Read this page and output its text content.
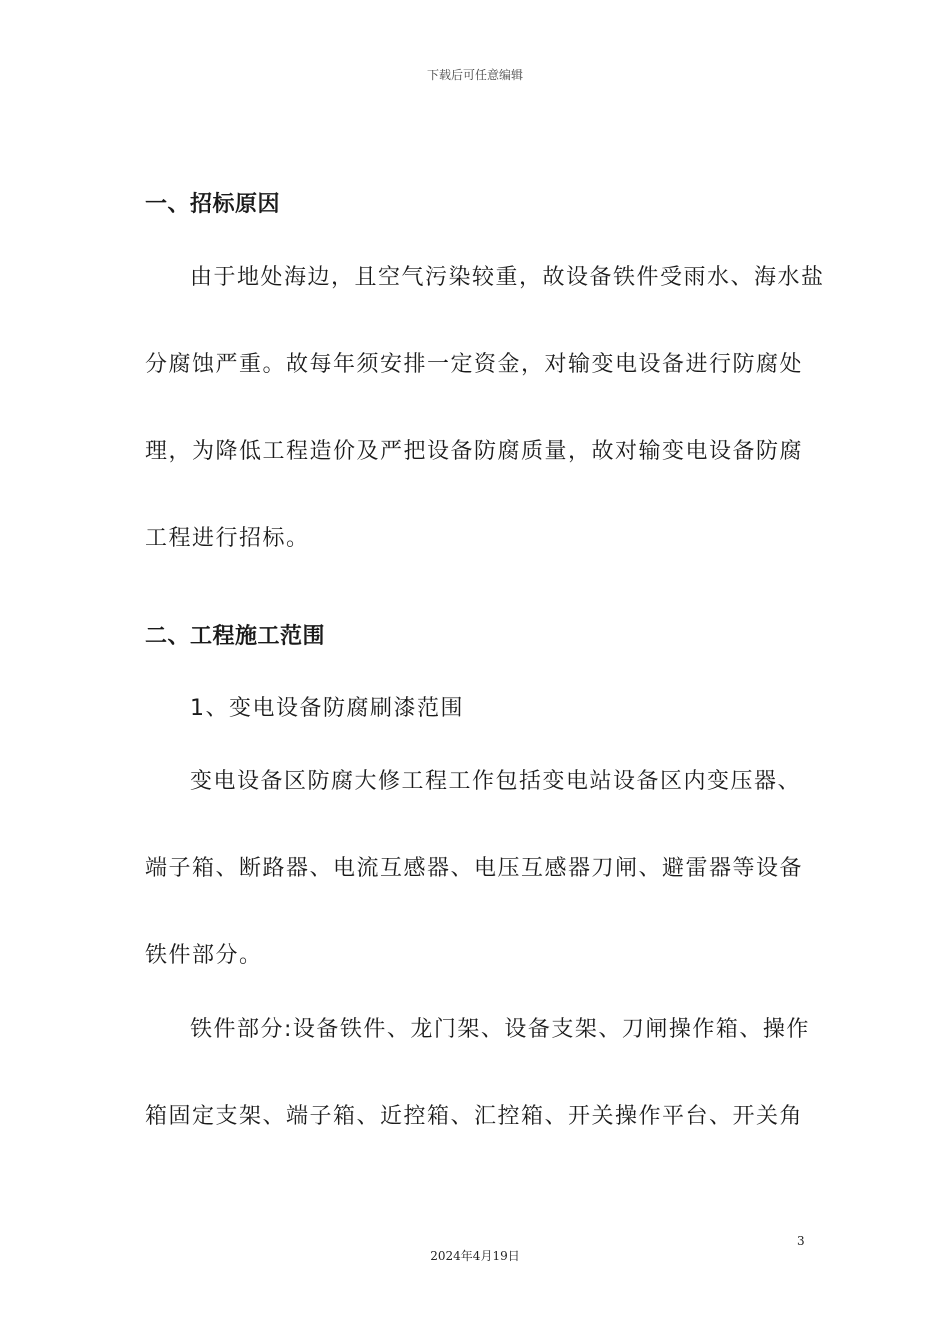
下载后可任意编辑
一、招标原因
由于地处海边，且空气污染较重，故设备铁件受雨水、海水盐
分腐蚀严重。故每年须安排一定资金，对输变电设备进行防腐处
理，为降低工程造价及严把设备防腐质量，故对输变电设备防腐
工程进行招标。
二、工程施工范围
1、变电设备防腐刷漆范围
变电设备区防腐大修工程工作包括变电站设备区内变压器、
端子箱、断路器、电流互感器、电压互感器刀闸、避雷器等设备
铁件部分。
铁件部分:设备铁件、龙门架、设备支架、刀闸操作箱、操作
箱固定支架、端子箱、近控箱、汇控箱、开关操作平台、开关角
3
2024年4月19日
